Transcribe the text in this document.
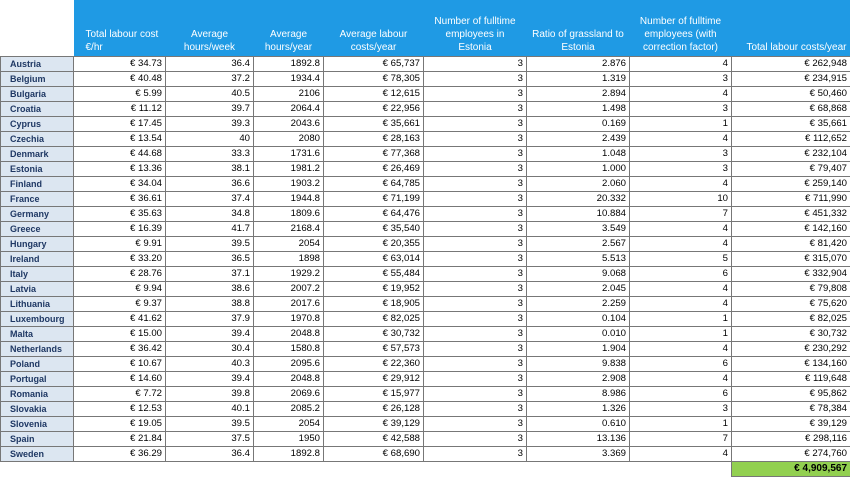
	Total labour cost €/hr	Average hours/week	Average hours/year	Average labour costs/year	Number of fulltime employees in Estonia	Ratio of grassland to Estonia	Number of fulltime employees (with correction factor)	Total labour costs/year
Austria	€ 34.73	36.4	1892.8	€ 65,737	3	2.876	4	€ 262,948
Belgium	€ 40.48	37.2	1934.4	€ 78,305	3	1.319	3	€ 234,915
Bulgaria	€ 5.99	40.5	2106	€ 12,615	3	2.894	4	€ 50,460
Croatia	€ 11.12	39.7	2064.4	€ 22,956	3	1.498	3	€ 68,868
Cyprus	€ 17.45	39.3	2043.6	€ 35,661	3	0.169	1	€ 35,661
Czechia	€ 13.54	40	2080	€ 28,163	3	2.439	4	€ 112,652
Denmark	€ 44.68	33.3	1731.6	€ 77,368	3	1.048	3	€ 232,104
Estonia	€ 13.36	38.1	1981.2	€ 26,469	3	1.000	3	€ 79,407
Finland	€ 34.04	36.6	1903.2	€ 64,785	3	2.060	4	€ 259,140
France	€ 36.61	37.4	1944.8	€ 71,199	3	20.332	10	€ 711,990
Germany	€ 35.63	34.8	1809.6	€ 64,476	3	10.884	7	€ 451,332
Greece	€ 16.39	41.7	2168.4	€ 35,540	3	3.549	4	€ 142,160
Hungary	€ 9.91	39.5	2054	€ 20,355	3	2.567	4	€ 81,420
Ireland	€ 33.20	36.5	1898	€ 63,014	3	5.513	5	€ 315,070
Italy	€ 28.76	37.1	1929.2	€ 55,484	3	9.068	6	€ 332,904
Latvia	€ 9.94	38.6	2007.2	€ 19,952	3	2.045	4	€ 79,808
Lithuania	€ 9.37	38.8	2017.6	€ 18,905	3	2.259	4	€ 75,620
Luxembourg	€ 41.62	37.9	1970.8	€ 82,025	3	0.104	1	€ 82,025
Malta	€ 15.00	39.4	2048.8	€ 30,732	3	0.010	1	€ 30,732
Netherlands	€ 36.42	30.4	1580.8	€ 57,573	3	1.904	4	€ 230,292
Poland	€ 10.67	40.3	2095.6	€ 22,360	3	9.838	6	€ 134,160
Portugal	€ 14.60	39.4	2048.8	€ 29,912	3	2.908	4	€ 119,648
Romania	€ 7.72	39.8	2069.6	€ 15,977	3	8.986	6	€ 95,862
Slovakia	€ 12.53	40.1	2085.2	€ 26,128	3	1.326	3	€ 78,384
Slovenia	€ 19.05	39.5	2054	€ 39,129	3	0.610	1	€ 39,129
Spain	€ 21.84	37.5	1950	€ 42,588	3	13.136	7	€ 298,116
Sweden	€ 36.29	36.4	1892.8	€ 68,690	3	3.369	4	€ 274,760
								€ 4,909,567
